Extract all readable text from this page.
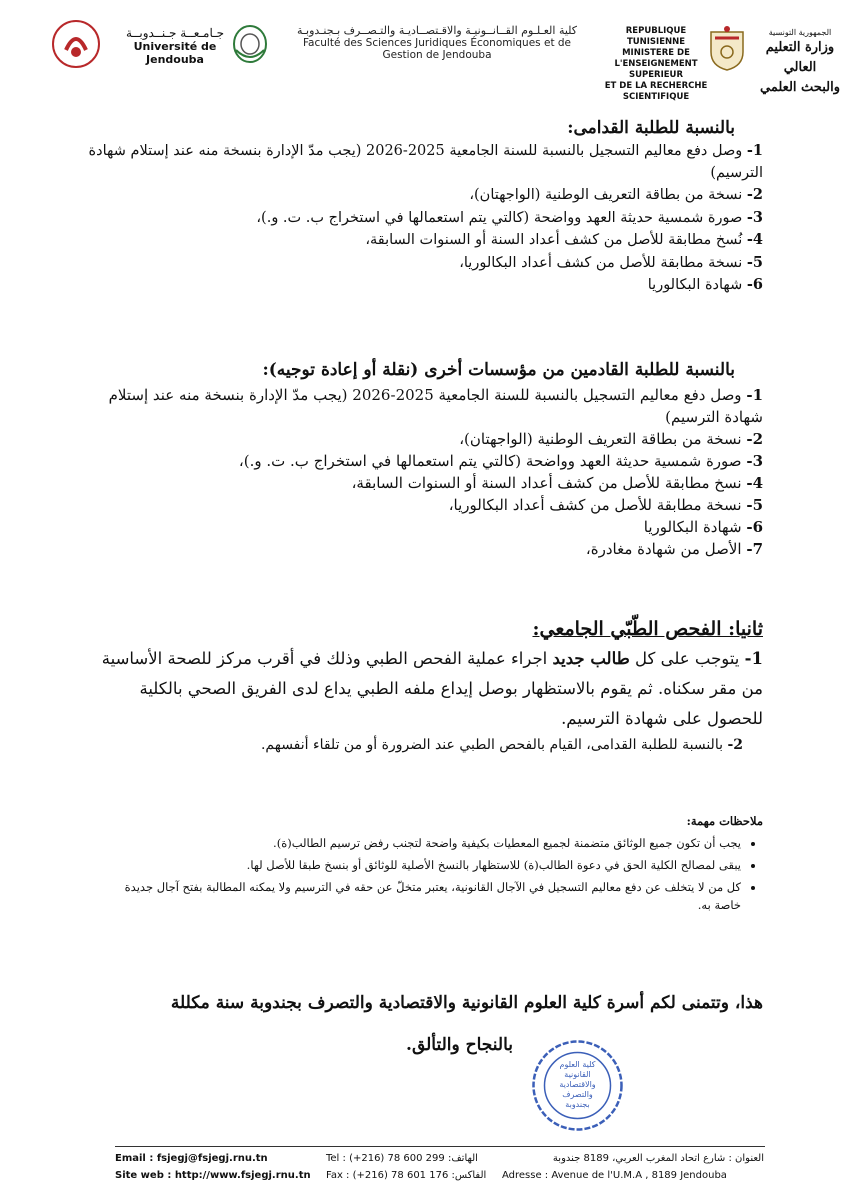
جـامـعــة جـنــدوبــة
Université de Jendouba
كلية العـلـوم القــانــونيـة والاقـتصــاديـة والتـصــرف بـجنـدوبـة
Faculté des Sciences Juridiques Économiques et de Gestion de Jendouba
REPUBLIQUE TUNISIENNE
MINISTERE DE
L'ENSEIGNEMENT SUPERIEUR
ET DE LA RECHERCHE
SCIENTIFIQUE
الجمهورية التونسية
وزارة التعليم العالي
والبحث العلمي
بالنسبة للطلبة القدامى:
1- وصل دفع معاليم التسجيل بالنسبة للسنة الجامعية 2025-2026 (يجب مدّ الإدارة بنسخة منه عند إستلام شهادة الترسيم)
2- نسخة من بطاقة التعريف الوطنية (الواجهتان)،
3- صورة شمسية حديثة العهد وواضحة (كالتي يتم استعمالها في استخراج ب. ت. و.)،
4- نُسخ مطابقة للأصل من كشف أعداد السنة أو السنوات السابقة،
5- نسخة مطابقة للأصل من كشف أعداد البكالوريا،
6- شهادة البكالوريا
بالنسبة للطلبة القادمين من مؤسسات أخرى (نقلة أو إعادة توجيه):
1- وصل دفع معاليم التسجيل بالنسبة للسنة الجامعية 2025-2026 (يجب مدّ الإدارة بنسخة منه عند إستلام شهادة الترسيم)
2- نسخة من بطاقة التعريف الوطنية (الواجهتان)،
3- صورة شمسية حديثة العهد وواضحة (كالتي يتم استعمالها في استخراج ب. ت. و.)،
4- نسخ مطابقة للأصل من كشف أعداد السنة أو السنوات السابقة،
5- نسخة مطابقة للأصل من كشف أعداد البكالوريا،
6- شهادة البكالوريا
7- الأصل من شهادة مغادرة،
ثانيا: الفحص الطّبّي الجامعي:
1- يتوجب على كل طالب جديد اجراء عملية الفحص الطبي وذلك في أقرب مركز للصحة الأساسية من مقر سكناه. ثم يقوم بالاستظهار بوصل إيداع ملفه الطبي يداع لدى الفريق الصحي بالكلية للحصول على شهادة الترسيم.
2- بالنسبة للطلبة القدامى، القيام بالفحص الطبي عند الضرورة أو من تلقاء أنفسهم.
ملاحظات مهمة:
• يجب أن تكون جميع الوثائق متضمنة لجميع المعطيات بكيفية واضحة لتجنب رفض ترسيم الطالب(ة).
• يبقى لمصالح الكلية الحق في دعوة الطالب(ة) للاستظهار بالنسخ الأصلية للوثائق أو بنسخ طبقا للأصل لها.
• كل من لا يتخلف عن دفع معاليم التسجيل في الآجال القانونية، يعتبر متخلّ عن حقه في الترسيم ولا يمكنه المطالبة بفتح آجال جديدة خاصة به.
هذا، وتتمنى لكم أسرة كلية العلوم القانونية والاقتصادية والتصرف بجندوبة سنة مكللة
بالنجاح والتألق.
كلية العلوم
القانونية
والاقتصادية
والتصرف
بجندوبة
Email : fsjegj@fsjegj.rnu.tn
Site web : http://www.fsjegj.rnu.tn
Tel : (+216) 78 600 299 :الهاتف
Fax : (+216) 78 601 176 :الفاكس
العنوان : شارع اتحاد المغرب العربي، 8189 جندوبة
Adresse : Avenue de l'U.M.A , 8189 Jendouba
